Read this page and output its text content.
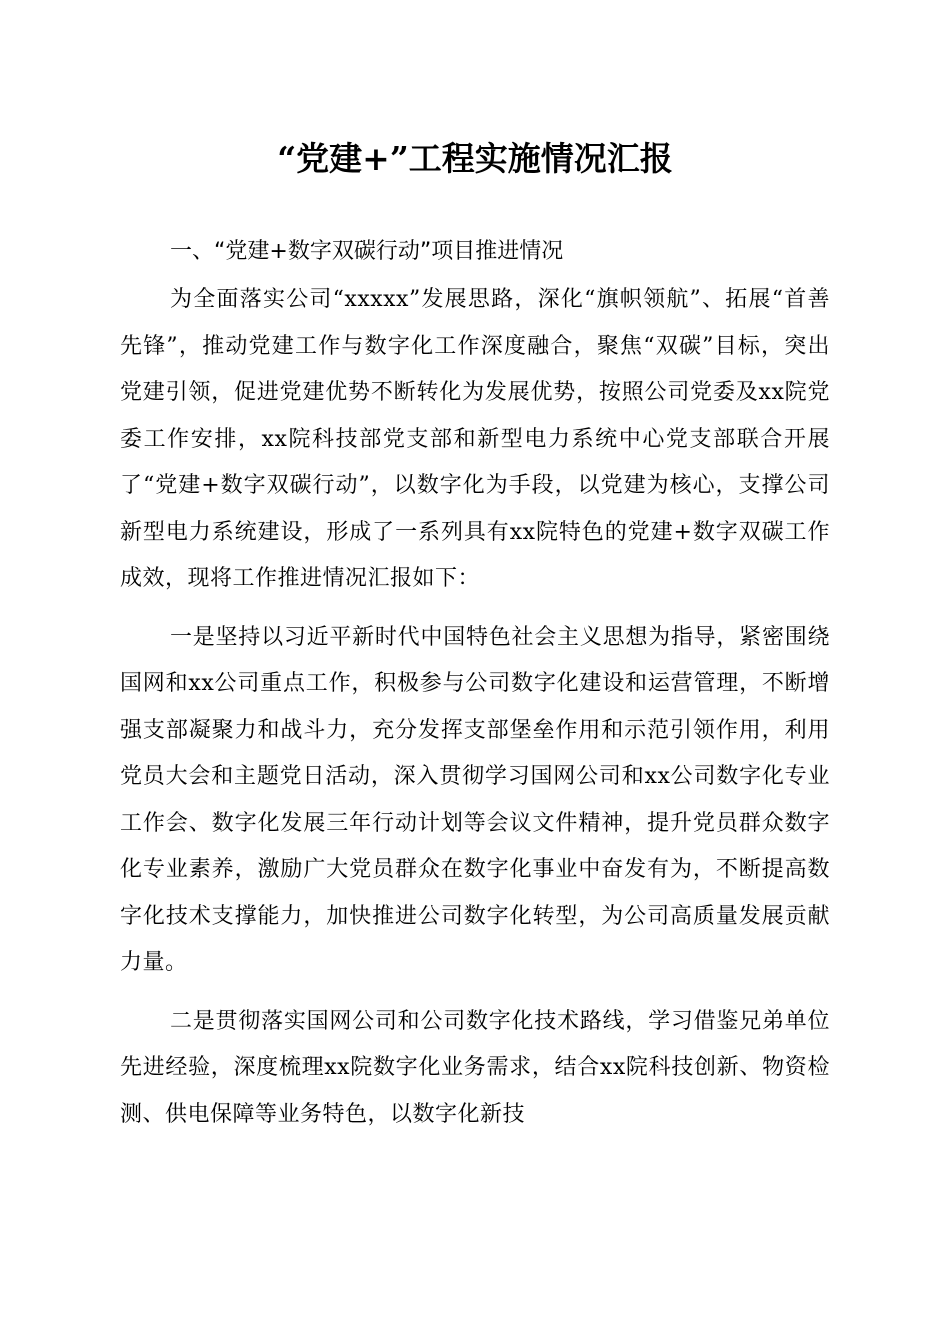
“党建+”工程实施情况汇报
一、“党建+数字双碳行动”项目推进情况

为全面落实公司“xxxxx”发展思路，深化“旗帜领航”、拓展“首善先锋”，推动党建工作与数字化工作深度融合，聚焦“双碳”目标，突出党建引领，促进党建优势不断转化为发展优势，按照公司党委及xx院党委工作安排，xx院科技部党支部和新型电力系统中心党支部联合开展了“党建+数字双碳行动”，以数字化为手段，以党建为核心，支撑公司新型电力系统建设，形成了一系列具有xx院特色的党建+数字双碳工作成效，现将工作推进情况汇报如下：

一是坚持以习近平新时代中国特色社会主义思想为指导，紧密围绕国网和xx公司重点工作，积极参与公司数字化建设和运营管理，不断增强支部凝聚力和战斗力，充分发挥支部堡垒作用和示范引领作用，利用党员大会和主题党日活动，深入贯彻学习国网公司和xx公司数字化专业工作会、数字化发展三年行动计划等会议文件精神，提升党员群众数字化专业素养，激励广大党员群众在数字化事业中奋发有为，不断提高数字化技术支撑能力，加快推进公司数字化转型，为公司高质量发展贡献力量。

二是贯彻落实国网公司和公司数字化技术路线，学习借鉴兄弟单位先进经验，深度梳理xx院数字化业务需求，结合xx院科技创新、物资检测、供电保障等业务特色，以数字化新技
